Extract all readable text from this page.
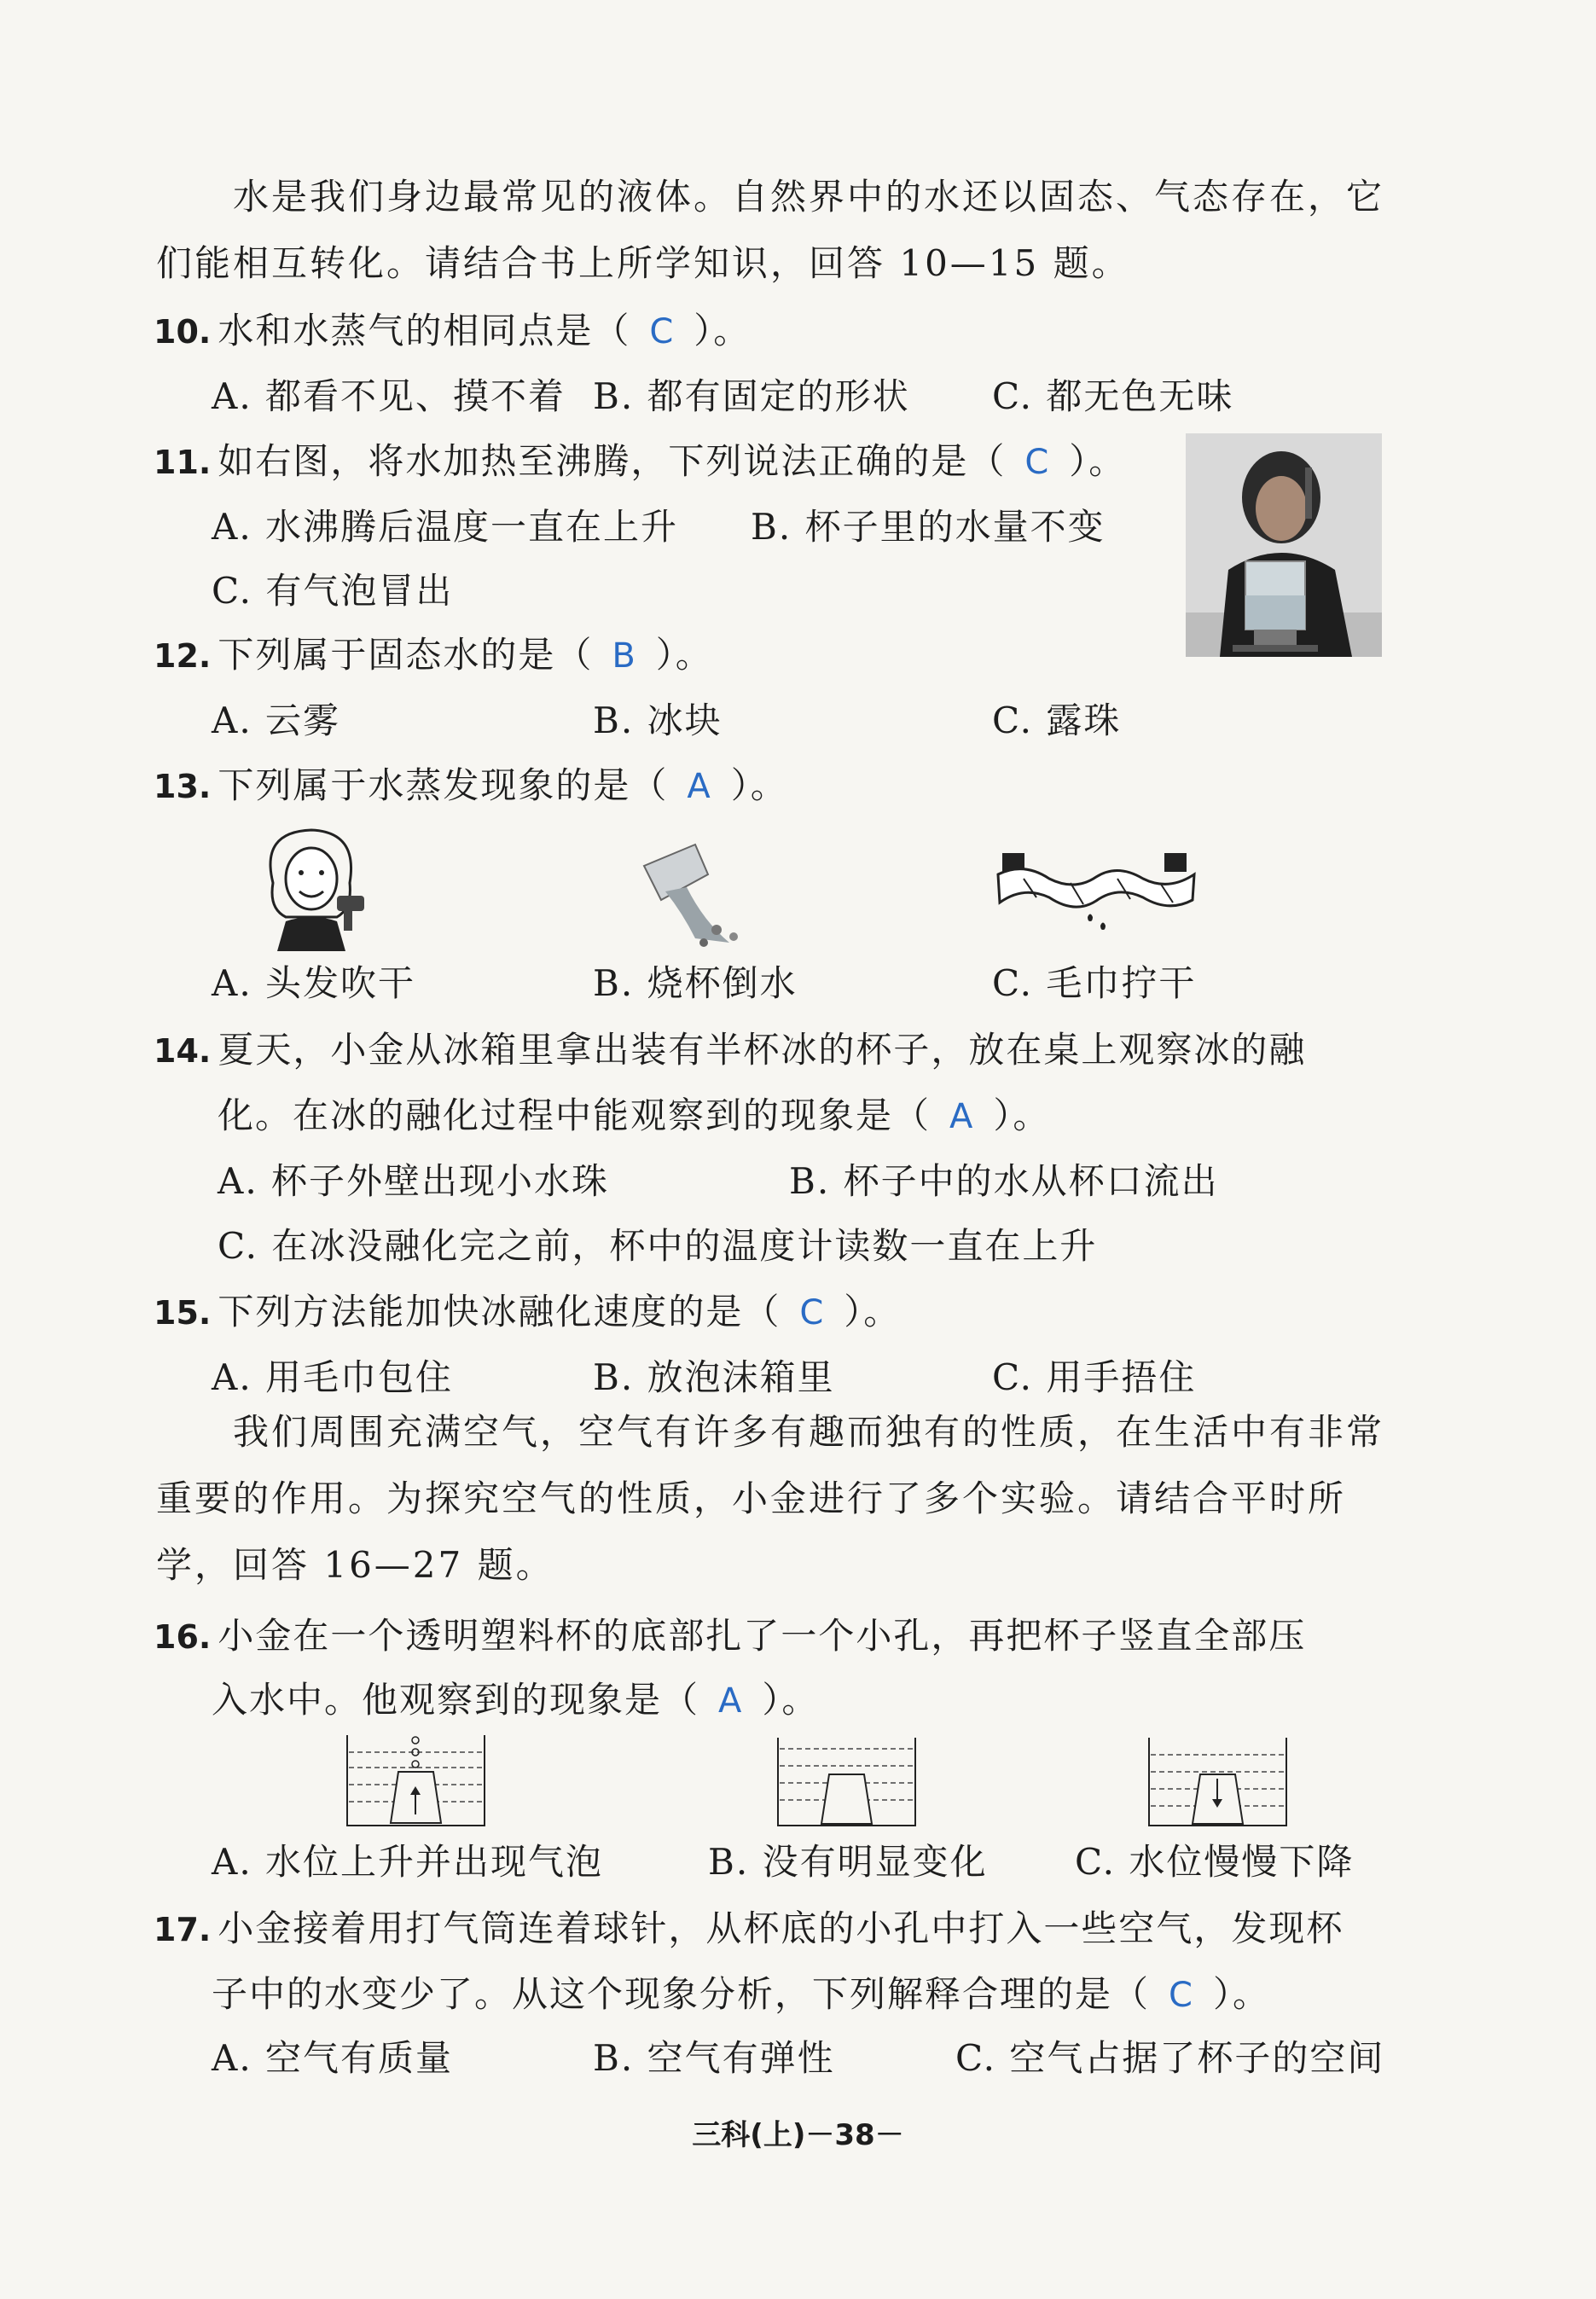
水是我们身边最常见的液体。自然界中的水还以固态、气态存在，它们能相互转化。请结合书上所学知识，回答 10—15 题。
10. 水和水蒸气的相同点是（ C ）。
A. 都看不见、摸不着 B. 都有固定的形状 C. 都无色无味
11. 如右图，将水加热至沸腾，下列说法正确的是（ C ）。
A. 水沸腾后温度一直在上升 B. 杯子里的水量不变
C. 有气泡冒出
12. 下列属于固态水的是（ B ）。
A. 云雾	B. 冰块	C. 露珠
13. 下列属于水蒸发现象的是（ A ）。
A. 头发吹干	B. 烧杯倒水	C. 毛巾拧干
14. 夏天，小金从冰箱里拿出装有半杯冰的杯子，放在桌上观察冰的融
化。在冰的融化过程中能观察到的现象是（ A ）。
A. 杯子外壁出现小水珠	B. 杯子中的水从杯口流出
C. 在冰没融化完之前，杯中的温度计读数一直在上升
15. 下列方法能加快冰融化速度的是（ C ）。
A. 用毛巾包住	B. 放泡沫箱里	C. 用手捂住
我们周围充满空气，空气有许多有趣而独有的性质，在生活中有非常重要的作用。为探究空气的性质，小金进行了多个实验。请结合平时所学，回答 16—27 题。
16. 小金在一个透明塑料杯的底部扎了一个小孔，再把杯子竖直全部压
入水中。他观察到的现象是（ A ）。
A. 水位上升并出现气泡	B. 没有明显变化 C. 水位慢慢下降
17. 小金接着用打气筒连着球针，从杯底的小孔中打入一些空气，发现杯
子中的水变少了。从这个现象分析，下列解释合理的是（ C ）。
A. 空气有质量	B. 空气有弹性	C. 空气占据了杯子的空间
三科(上)－38－
